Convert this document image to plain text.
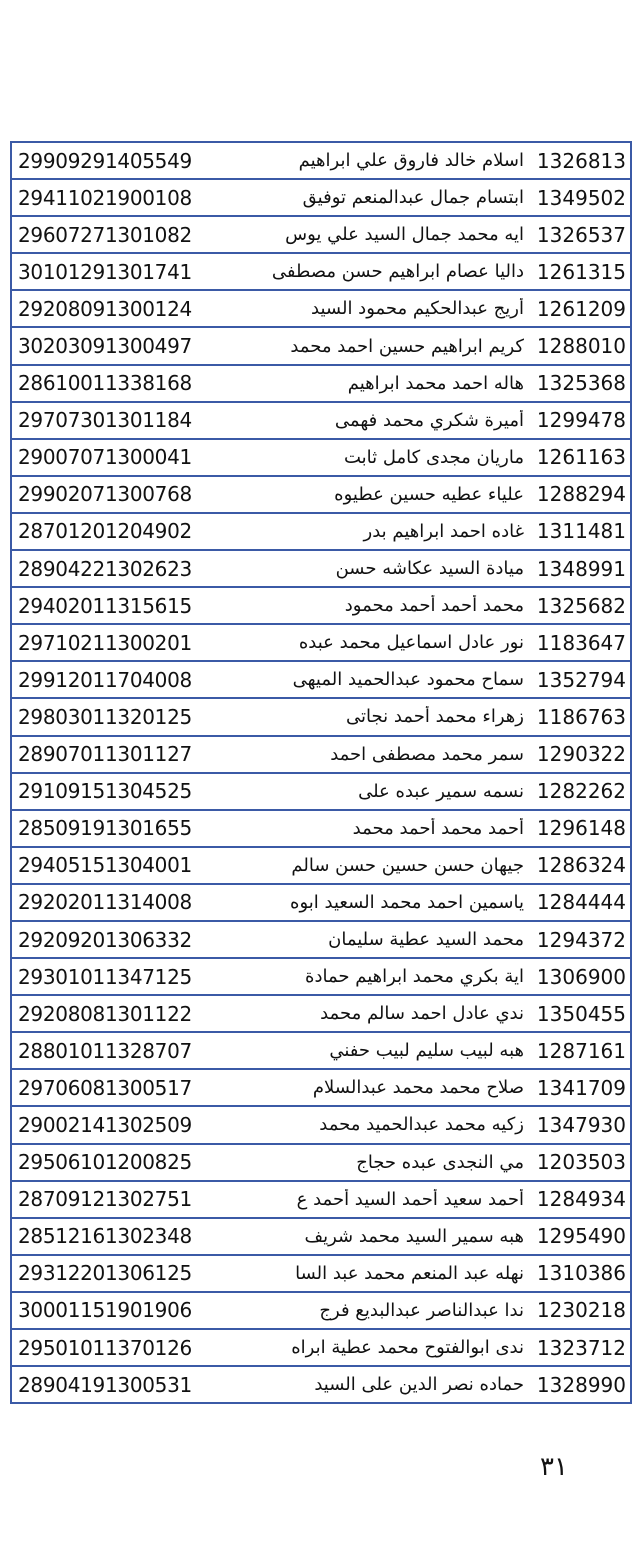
29909291405549	اسلام خالد فاروق علي ابراهيم 1326813
29411021900108	ابتسام جمال عبدالمنعم توفيق 1349502
29607271301082	ايه محمد جمال السيد علي يوس 1326537
30101291301741	داليا عصام ابراهيم حسن مصطفى 1261315
29208091300124	أريج عبدالحكيم محمود السيد 1261209
30203091300497	كريم ابراهيم حسين احمد محمد 1288010
28610011338168	هاله احمد محمد ابراهيم 1325368
29707301301184	أميرة شكري محمد فهمى 1299478
29007071300041	ماريان مجدى كامل ثابت 1261163
29902071300768	علياء عطيه حسين عطيوه 1288294
28701201204902	غاده احمد ابراهيم بدر 1311481
28904221302623	ميادة السيد عكاشه حسن 1348991
29402011315615	محمد أحمد أحمد محمود 1325682
29710211300201	نور عادل اسماعيل محمد عبده 1183647
29912011704008	سماح محمود عبدالحميد الميهى 1352794
29803011320125	زهراء محمد أحمد نجاتى 1186763
28907011301127	سمر محمد مصطفى احمد 1290322
29109151304525	نسمه سمير عبده على 1282262
28509191301655	أحمد محمد أحمد محمد 1296148
29405151304001	جيهان حسن حسين حسن سالم 1286324
29202011314008	ياسمين احمد محمد السعيد ابوه 1284444
29209201306332	محمد السيد عطية سليمان 1294372
29301011347125	اية بكري محمد ابراهيم حمادة 1306900
29208081301122	ندي عادل احمد سالم محمد 1350455
28801011328707	هبه لبيب سليم لبيب حفني 1287161
29706081300517	صلاح محمد محمد عبدالسلام 1341709
29002141302509	زكيه محمد عبدالحميد محمد 1347930
29506101200825	مي النجدى عبده حجاج 1203503
28709121302751	أحمد سعيد أحمد السيد أحمد ع 1284934
28512161302348	هبه سمير السيد محمد شريف 1295490
29312201306125	نهله عبد المنعم محمد عبد السا 1310386
30001151901906	ندا عبدالناصر عبدالبديع فرج 1230218
29501011370126	ندى ابوالفتوح محمد عطية ابراه 1323712
28904191300531	حماده نصر الدين على السيد 1328990
٣١
